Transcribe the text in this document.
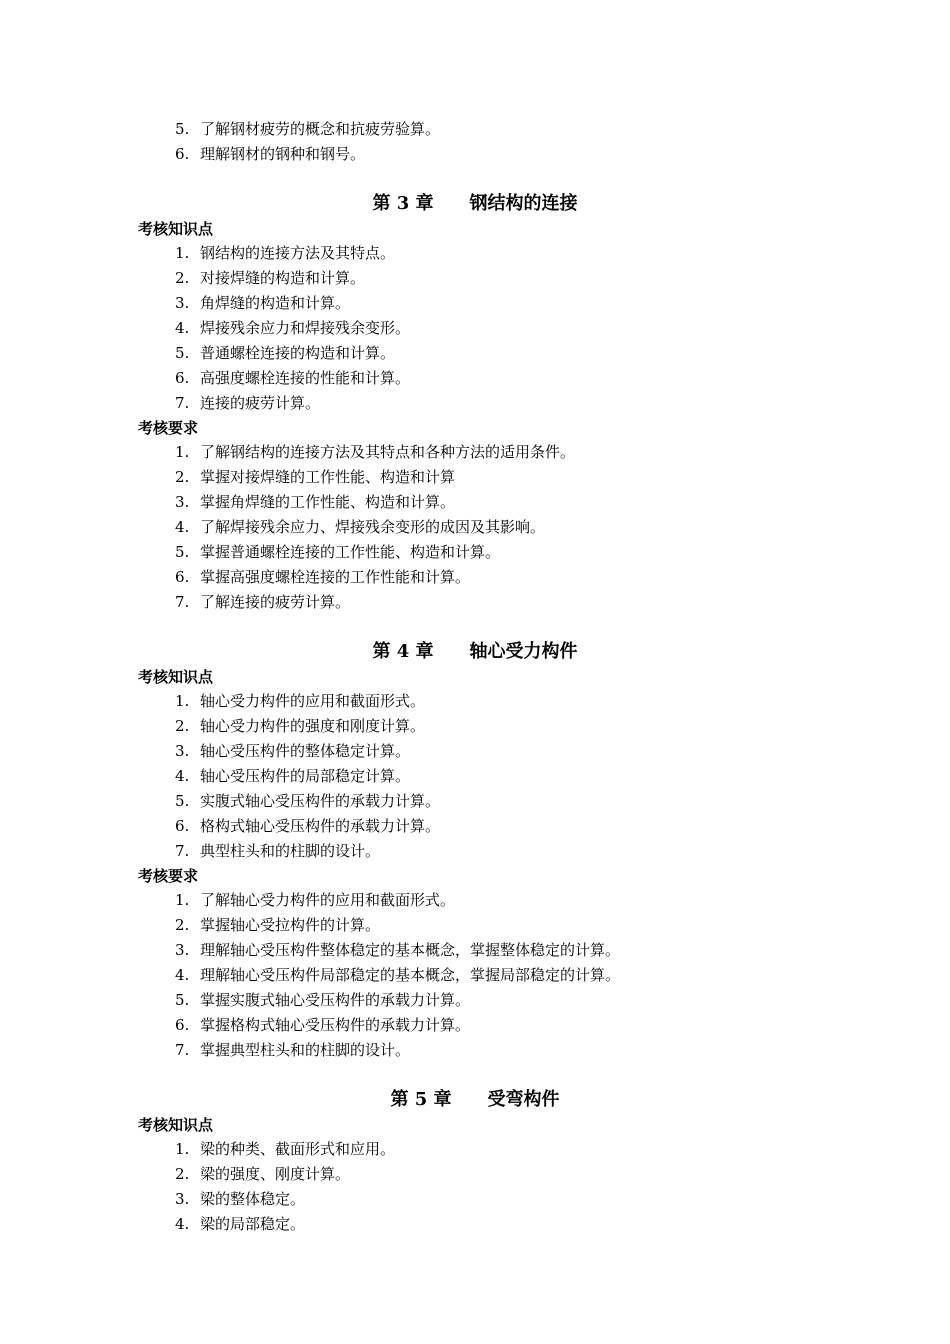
5. 了解钢材疲劳的概念和抗疲劳验算。
6. 理解钢材的钢种和钢号。
第 3 章 钢结构的连接
考核知识点
1. 钢结构的连接方法及其特点。
2. 对接焊缝的构造和计算。
3. 角焊缝的构造和计算。
4. 焊接残余应力和焊接残余变形。
5. 普通螺栓连接的构造和计算。
6. 高强度螺栓连接的性能和计算。
7. 连接的疲劳计算。
考核要求
1. 了解钢结构的连接方法及其特点和各种方法的适用条件。
2. 掌握对接焊缝的工作性能、构造和计算
3. 掌握角焊缝的工作性能、构造和计算。
4. 了解焊接残余应力、焊接残余变形的成因及其影响。
5. 掌握普通螺栓连接的工作性能、构造和计算。
6. 掌握高强度螺栓连接的工作性能和计算。
7. 了解连接的疲劳计算。
第 4 章 轴心受力构件
考核知识点
1. 轴心受力构件的应用和截面形式。
2. 轴心受力构件的强度和刚度计算。
3. 轴心受压构件的整体稳定计算。
4. 轴心受压构件的局部稳定计算。
5. 实腹式轴心受压构件的承载力计算。
6. 格构式轴心受压构件的承载力计算。
7. 典型柱头和的柱脚的设计。
考核要求
1. 了解轴心受力构件的应用和截面形式。
2. 掌握轴心受拉构件的计算。
3. 理解轴心受压构件整体稳定的基本概念，掌握整体稳定的计算。
4. 理解轴心受压构件局部稳定的基本概念，掌握局部稳定的计算。
5. 掌握实腹式轴心受压构件的承载力计算。
6. 掌握格构式轴心受压构件的承载力计算。
7. 掌握典型柱头和的柱脚的设计。
第 5 章 受弯构件
考核知识点
1. 梁的种类、截面形式和应用。
2. 梁的强度、刚度计算。
3. 梁的整体稳定。
4. 梁的局部稳定。
